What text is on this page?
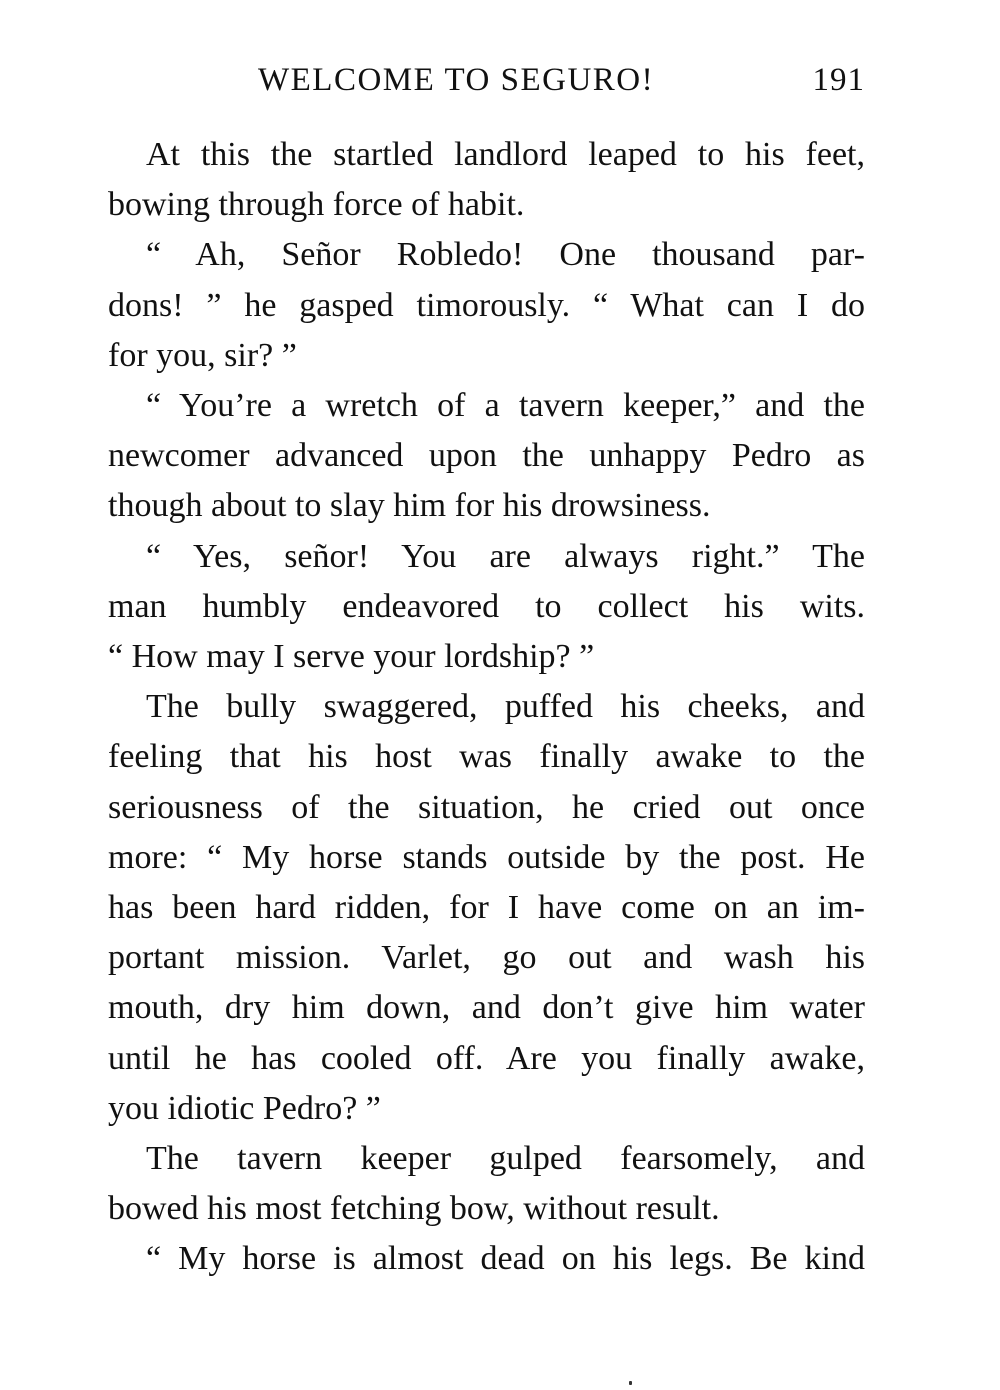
WELCOME TO SEGURO!	191
At this the startled landlord leaped to his feet,
bowing through force of habit.
“ Ah, Señor Robledo! One thousand par-
dons! ” he gasped timorously. “ What can I do
for you, sir? ”
“ You’re a wretch of a tavern keeper,” and the
newcomer advanced upon the unhappy Pedro as
though about to slay him for his drowsiness.
“ Yes, señor! You are always right.” The
man humbly endeavored to collect his wits.
“ How may I serve your lordship? ”
The bully swaggered, puffed his cheeks, and
feeling that his host was finally awake to the
seriousness of the situation, he cried out once
more: “ My horse stands outside by the post. He
has been hard ridden, for I have come on an im-
portant mission. Varlet, go out and wash his
mouth, dry him down, and don’t give him water
until he has cooled off. Are you finally awake,
you idiotic Pedro? ”
The tavern keeper gulped fearsomely, and
bowed his most fetching bow, without result.
“ My horse is almost dead on his legs. Be kind
